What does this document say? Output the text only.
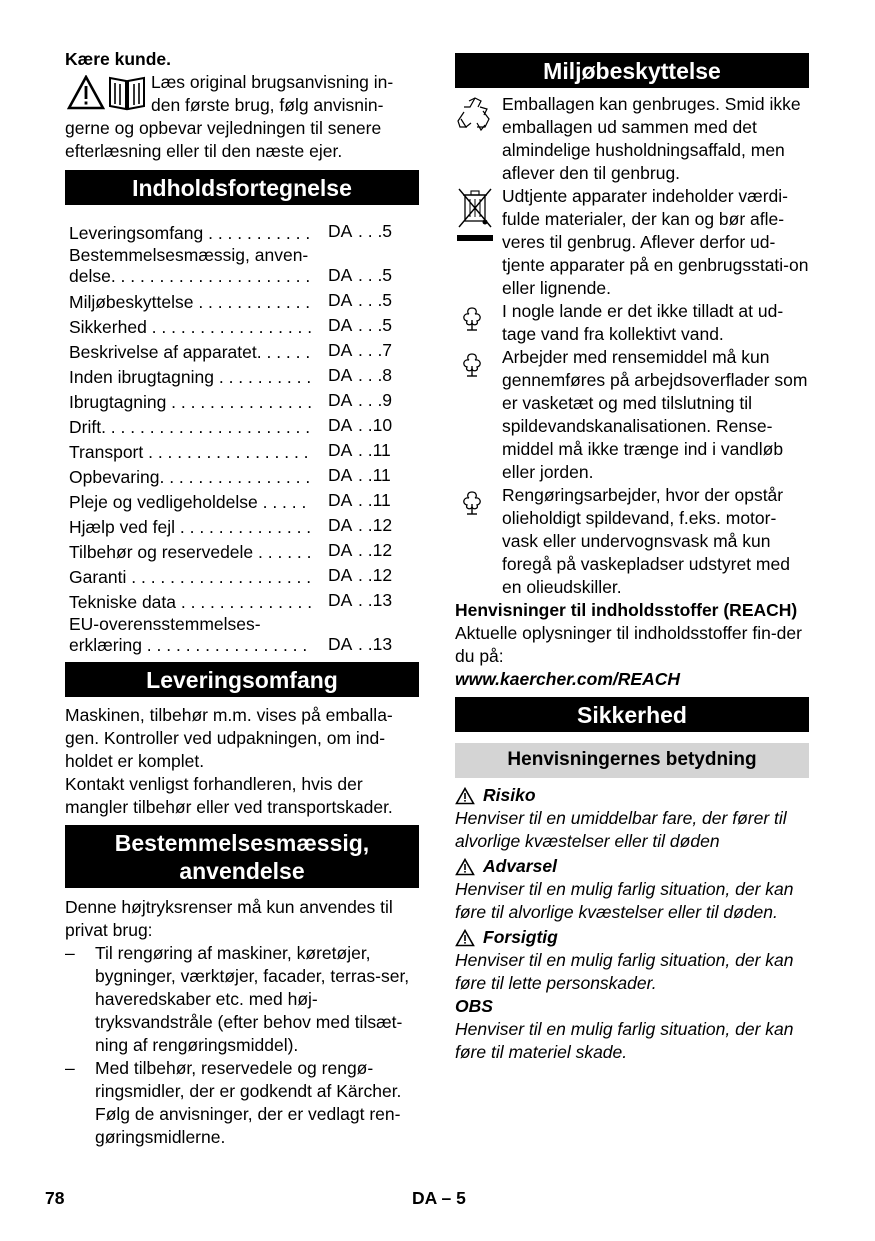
Kære kunde.

Læs original brugsanvisning in-

den første brug, følg anvisnin-

gerne og opbevar vejledningen til senere

efterlæsning eller til den næste ejer.

Indholdsfortegnelse
Leveringsomfang . . . . . . . . . . .	DA . . .5
Bestemmelsesmæssig, anven-
delse. . . . . . . . . . . . . . . . . . . . .	DA . . .5
Miljøbeskyttelse . . . . . . . . . . . .	DA . . .5
Sikkerhed . . . . . . . . . . . . . . . . . DA . . .5
Beskrivelse af apparatet. . . . . .	DA . . .7
Inden ibrugtagning . . . . . . . . . . DA . . .8
Ibrugtagning . . . . . . . . . . . . . . . DA . . .9
Drift. . . . . . . . . . . . . . . . . . . . . .	DA . .10
Transport . . . . . . . . . . . . . . . . .	DA . .11
Opbevaring. . . . . . . . . . . . . . . .	DA . .11
Pleje og vedligeholdelse . . . . .	DA . .11
Hjælp ved fejl . . . . . . . . . . . . . . DA . .12
Tilbehør og reservedele . . . . . . DA . .12
Garanti . . . . . . . . . . . . . . . . . . . DA . .12
Tekniske data . . . . . . . . . . . . . . DA . .13
EU-overensstemmelses-
erklæring . . . . . . . . . . . . . . . . .	DA . .13
Leveringsomfang

Maskinen, tilbehør m.m. vises på emballa-gen. Kontroller ved udpakningen, om ind-holdet er komplet.

Kontakt venligst forhandleren, hvis der mangler tilbehør eller ved transportskader.

Bestemmelsesmæssig,
anvendelse

Denne højtryksrenser må kun anvendes til privat brug:

– Til rengøring af maskiner, køretøjer, bygninger, værktøjer, facader, terras-ser, haveredskaber etc. med høj-tryksvandstråle (efter behov med tilsæt-ning af rengøringsmiddel).
– Med tilbehør, reservedele og rengø-ringsmidler, der er godkendt af Kärcher. Følg de anvisninger, der er vedlagt ren-gøringsmidlerne.
Miljøbeskyttelse
Emballagen kan genbruges. Smid ikke emballagen ud sammen med det almindelige husholdningsaffald, men aflever den til genbrug.
Udtjente apparater indeholder værdi-fulde materialer, der kan og bør afle-veres til genbrug. Aflever derfor ud-tjente apparater på en genbrugsstati-on eller lignende.
I nogle lande er det ikke tilladt at ud-tage vand fra kollektivt vand.
Arbejder med rensemiddel må kun gennemføres på arbejdsoverflader som er vasketæt og med tilslutning til spildevandskanalisationen. Rense-middel må ikke trænge ind i vandløb eller jorden.
Rengøringsarbejder, hvor der opstår olieholdigt spildevand, f.eks. motor-vask eller undervognsvask må kun foregå på vaskepladser udstyret med en olieudskiller.

Henvisninger til indholdsstoffer (REACH)

Aktuelle oplysninger til indholdsstoffer fin-der du på:

www.kaercher.com/REACH

Sikkerhed
Henvisningernes betydning
Risiko

Henviser til en umiddelbar fare, der fører til alvorlige kvæstelser eller til døden

Advarsel

Henviser til en mulig farlig situation, der kan føre til alvorlige kvæstelser eller til døden.

Forsigtig

Henviser til en mulig farlig situation, der kan føre til lette personskader.

OBS

Henviser til en mulig farlig situation, der kan føre til materiel skade.

78	DA – 5
